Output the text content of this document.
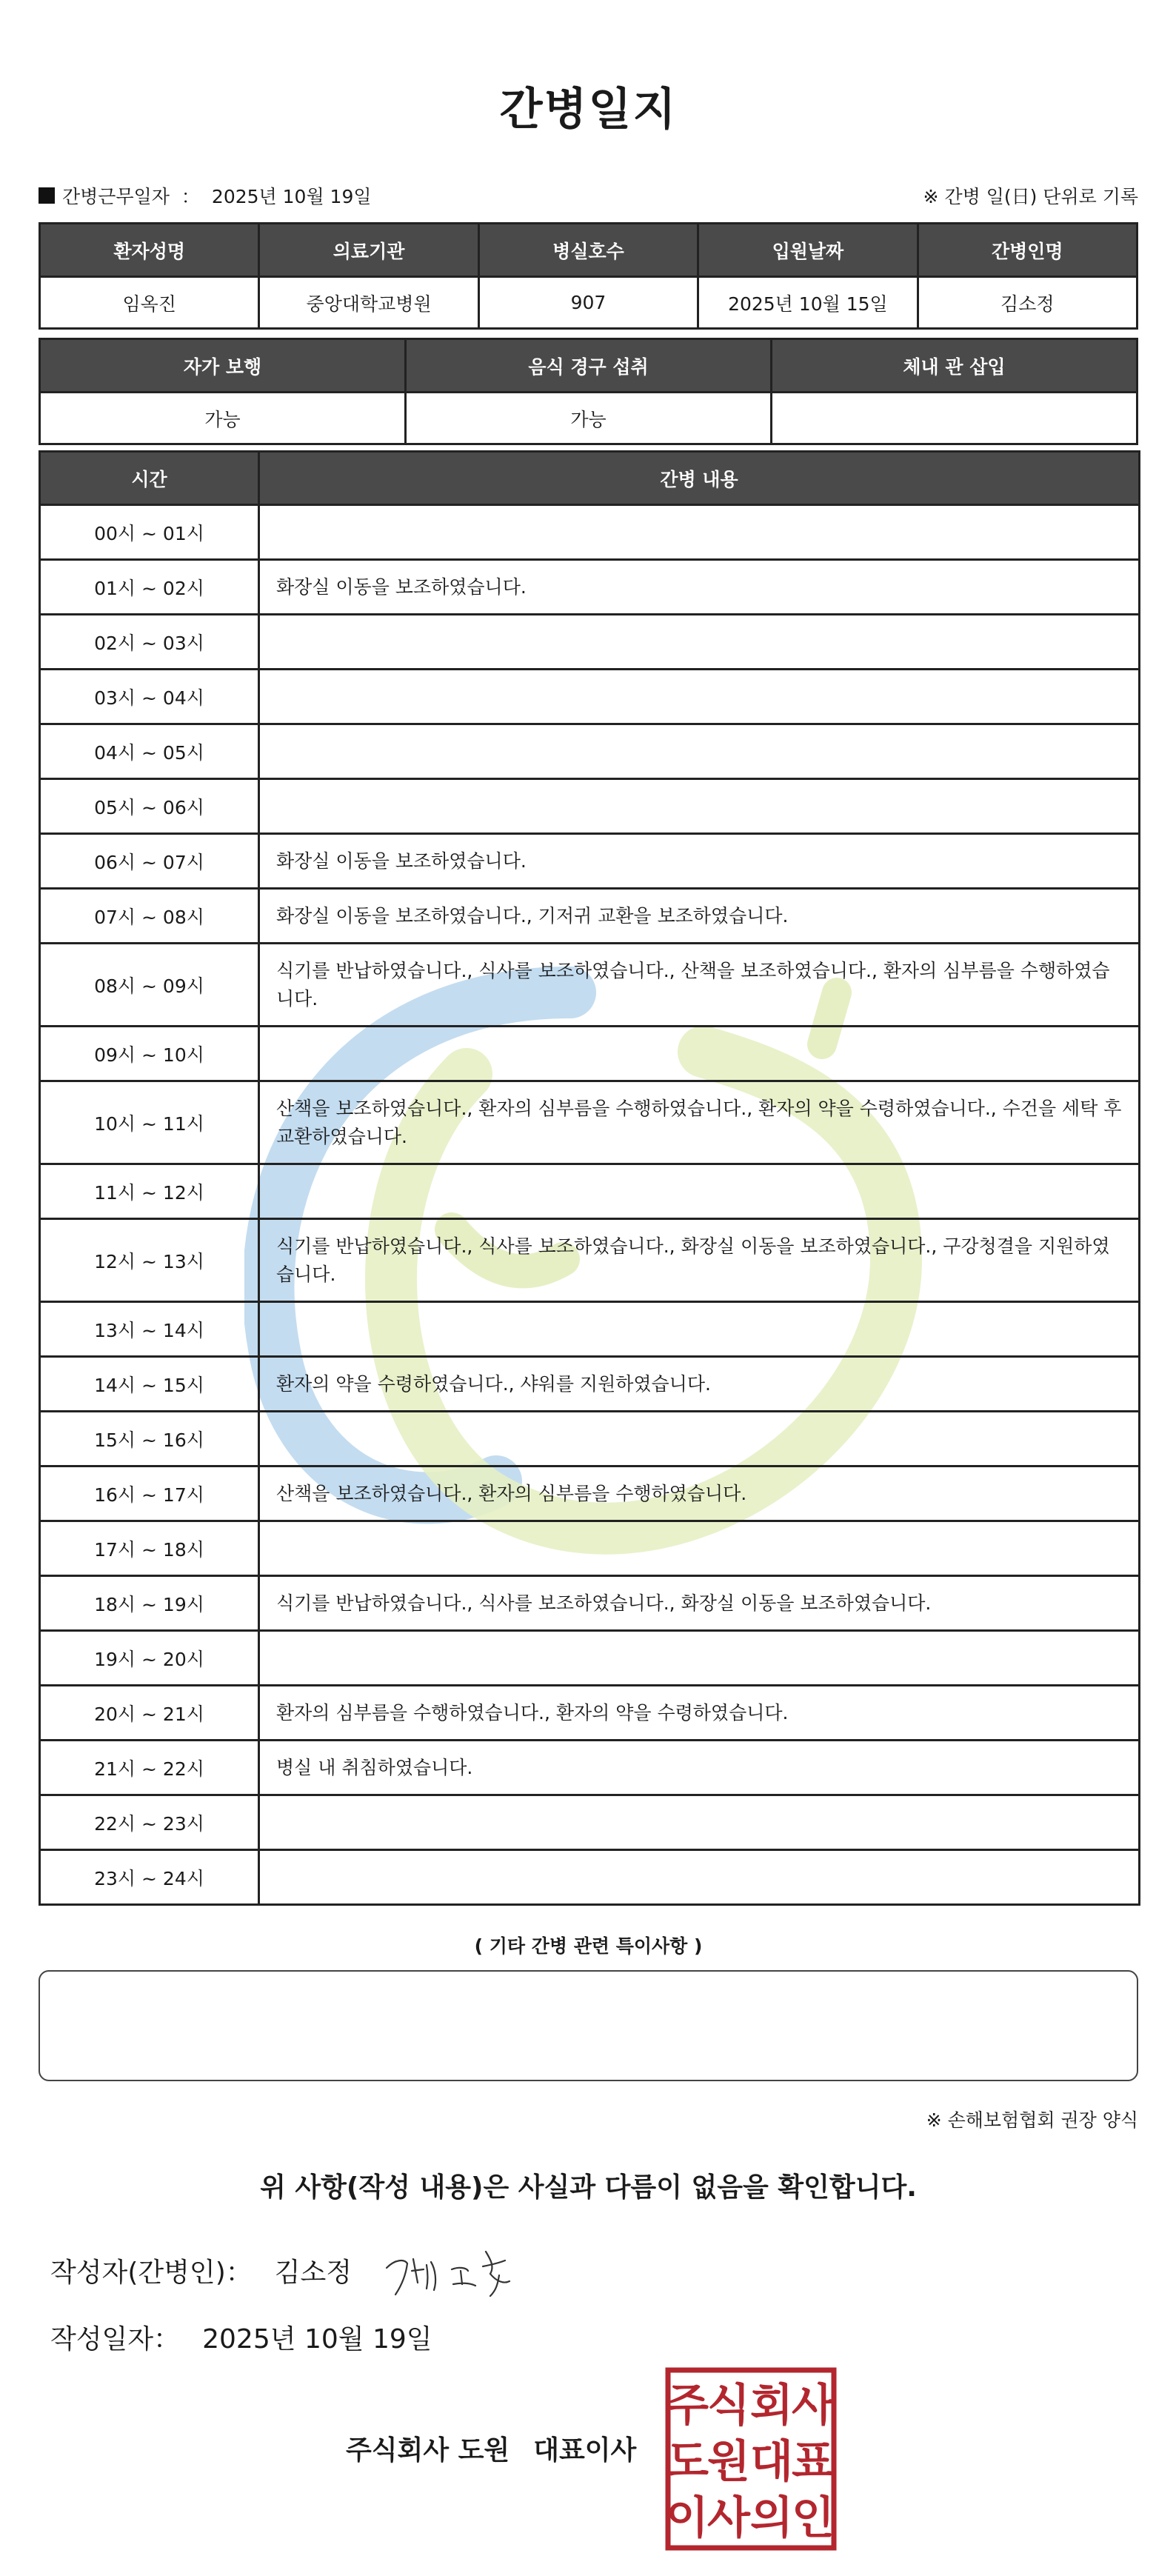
간병일지
간병근무일자 ： 2025년 10월 19일	※ 간병 일(日) 단위로 기록
환자성명	의료기관	병실호수	입원날짜	간병인명
임옥진	중앙대학교병원	907	2025년 10월 15일	김소정
자가 보행	음식 경구 섭취	체내 관 삽입
가능	가능	
시간	간병 내용
00시 ~ 01시	
01시 ~ 02시	화장실 이동을 보조하였습니다.
02시 ~ 03시	
03시 ~ 04시	
04시 ~ 05시	
05시 ~ 06시	
06시 ~ 07시	화장실 이동을 보조하였습니다.
07시 ~ 08시	화장실 이동을 보조하였습니다., 기저귀 교환을 보조하였습니다.
08시 ~ 09시	식기를 반납하였습니다., 식사를 보조하였습니다., 산책을 보조하였습니다., 환자의 심부름을 수행하였습니다.
09시 ~ 10시	
10시 ~ 11시	산책을 보조하였습니다., 환자의 심부름을 수행하였습니다., 환자의 약을 수령하였습니다., 수건을 세탁 후 교환하였습니다.
11시 ~ 12시	
12시 ~ 13시	식기를 반납하였습니다., 식사를 보조하였습니다., 화장실 이동을 보조하였습니다., 구강청결을 지원하였습니다.
13시 ~ 14시	
14시 ~ 15시	환자의 약을 수령하였습니다., 샤워를 지원하였습니다.
15시 ~ 16시	
16시 ~ 17시	산책을 보조하였습니다., 환자의 심부름을 수행하였습니다.
17시 ~ 18시	
18시 ~ 19시	식기를 반납하였습니다., 식사를 보조하였습니다., 화장실 이동을 보조하였습니다.
19시 ~ 20시	
20시 ~ 21시	환자의 심부름을 수행하였습니다., 환자의 약을 수령하였습니다.
21시 ~ 22시	병실 내 취침하였습니다.
22시 ~ 23시	
23시 ~ 24시	
( 기타 간병 관련 특이사항 )
※ 손해보험협회 권장 양식
위 사항(작성 내용)은 사실과 다름이 없음을 확인합니다.
작성자(간병인)： 김소정
작성일자： 2025년 10월 19일
주식회사 도원 대표이사
주
식 회
사
도
원 대
표
이
사 의
인
